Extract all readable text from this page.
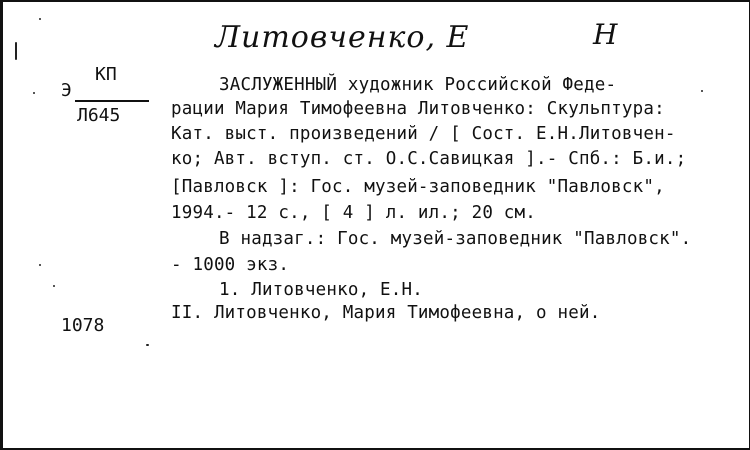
Литовченко, Е	Н
Э
КП
Л645
1078
ЗАСЛУЖЕННЫЙ художник Российской Феде-
рации Мария Тимофеевна Литовченко: Скульптура:
Кат. выст. произведений / [ Сост. Е.Н.Литовчен-
ко; Авт. вступ. ст. О.С.Савицкая ].- Спб.: Б.и.;
[Павловск ]: Гос. музей-заповедник "Павловск",
1994.- 12 с., [ 4 ] л. ил.; 20 см.
В надзаг.: Гос. музей-заповедник "Павловск".
- 1000 экз.
1. Литовченко, Е.Н.
II. Литовченко, Мария Тимофеевна, о ней.
